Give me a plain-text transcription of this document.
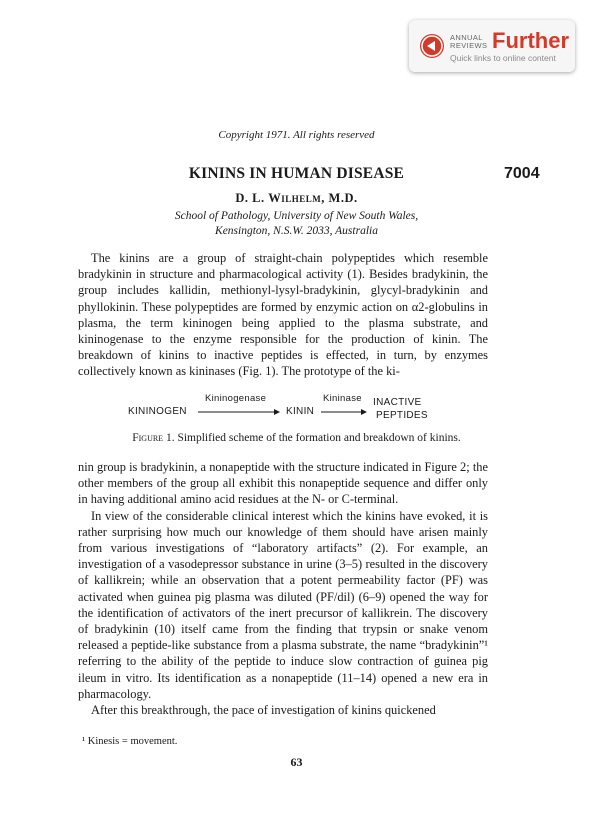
ANNUAL
REVIEWS Further
Quick links to online content
Copyright 1971. All rights reserved
KININS IN HUMAN DISEASE	7004
D. L. Wilhelm, M.D.
School of Pathology, University of New South Wales,
Kensington, N.S.W. 2033, Australia

The kinins are a group of straight-chain polypeptides which resemble bradykinin in structure and pharmacological activity (1). Besides bradykinin, the group includes kallidin, methionyl-lysyl-bradykinin, glycyl-bradykinin and phyllokinin. These polypeptides are formed by enzymic action on α2-globulins in plasma, the term kininogen being applied to the plasma substrate, and kininogenase to the enzyme responsible for the production of kinin. The breakdown of kinins to inactive peptides is effected, in turn, by enzymes collectively known as kininases (Fig. 1). The prototype of the ki-

KININOGEN
Kininogenase
KININ
Kininase INACTIVE
PEPTIDES
Figure 1. Simplified scheme of the formation and breakdown of kinins.

nin group is bradykinin, a nonapeptide with the structure indicated in Figure 2; the other members of the group all exhibit this nonapeptide sequence and differ only in having additional amino acid residues at the N- or C-terminal.

In view of the considerable clinical interest which the kinins have evoked, it is rather surprising how much our knowledge of them should have arisen mainly from various investigations of “laboratory artifacts” (2). For example, an investigation of a vasodepressor substance in urine (3–5) resulted in the discovery of kallikrein; while an observation that a potent permeability factor (PF) was activated when guinea pig plasma was diluted (PF/dil) (6–9) opened the way for the identification of activators of the inert precursor of kallikrein. The discovery of bradykinin (10) itself came from the finding that trypsin or snake venom released a peptide-like substance from a plasma substrate, the name “bradykinin”¹ referring to the ability of the peptide to induce slow contraction of guinea pig ileum in vitro. Its identification as a nonapeptide (11–14) opened a new era in pharmacology.

After this breakthrough, the pace of investigation of kinins quickened

¹ Kinesis = movement.
63
